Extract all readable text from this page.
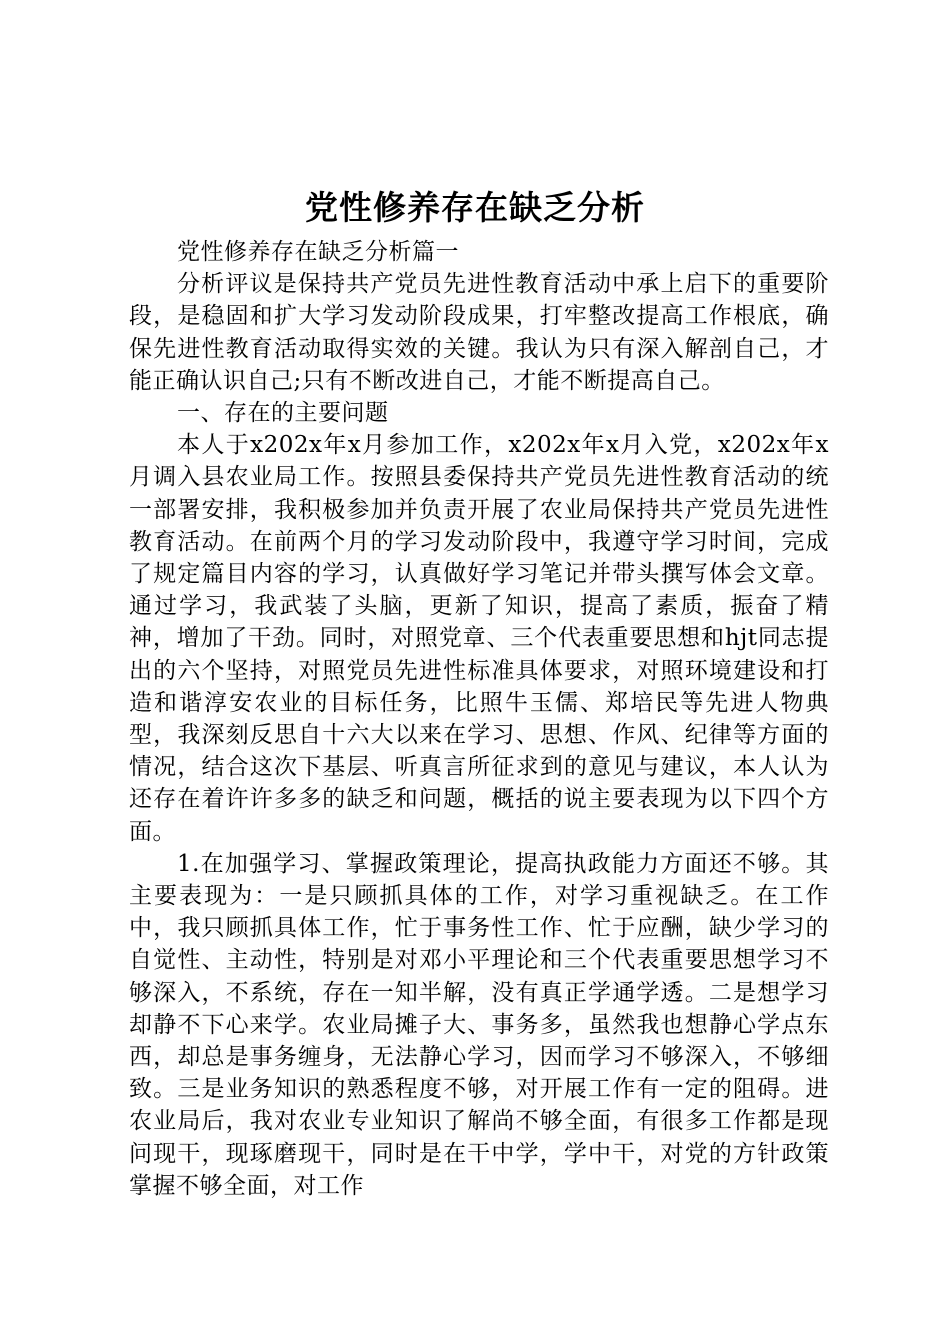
党性修养存在缺乏分析

党性修养存在缺乏分析篇一

分析评议是保持共产党员先进性教育活动中承上启下的重要阶段，是稳固和扩大学习发动阶段成果，打牢整改提高工作根底，确保先进性教育活动取得实效的关键。我认为只有深入解剖自己，才能正确认识自己;只有不断改进自己，才能不断提高自己。

一、存在的主要问题

本人于x202x年x月参加工作，x202x年x月入党，x202x年x月调入县农业局工作。按照县委保持共产党员先进性教育活动的统一部署安排，我积极参加并负责开展了农业局保持共产党员先进性教育活动。在前两个月的学习发动阶段中，我遵守学习时间，完成了规定篇目内容的学习，认真做好学习笔记并带头撰写体会文章。通过学习，我武装了头脑，更新了知识，提高了素质，振奋了精神，增加了干劲。同时，对照党章、三个代表重要思想和hjt同志提出的六个坚持，对照党员先进性标准具体要求，对照环境建设和打造和谐淳安农业的目标任务，比照牛玉儒、郑培民等先进人物典型，我深刻反思自十六大以来在学习、思想、作风、纪律等方面的情况，结合这次下基层、听真言所征求到的意见与建议，本人认为还存在着许许多多的缺乏和问题，概括的说主要表现为以下四个方面。

1.在加强学习、掌握政策理论，提高执政能力方面还不够。其主要表现为：一是只顾抓具体的工作，对学习重视缺乏。在工作中，我只顾抓具体工作，忙于事务性工作、忙于应酬，缺少学习的自觉性、主动性，特别是对邓小平理论和三个代表重要思想学习不够深入，不系统，存在一知半解，没有真正学通学透。二是想学习却静不下心来学。农业局摊子大、事务多，虽然我也想静心学点东西，却总是事务缠身，无法静心学习，因而学习不够深入，不够细致。三是业务知识的熟悉程度不够，对开展工作有一定的阻碍。进农业局后，我对农业专业知识了解尚不够全面，有很多工作都是现问现干，现琢磨现干，同时是在干中学，学中干，对党的方针政策掌握不够全面，对工作
